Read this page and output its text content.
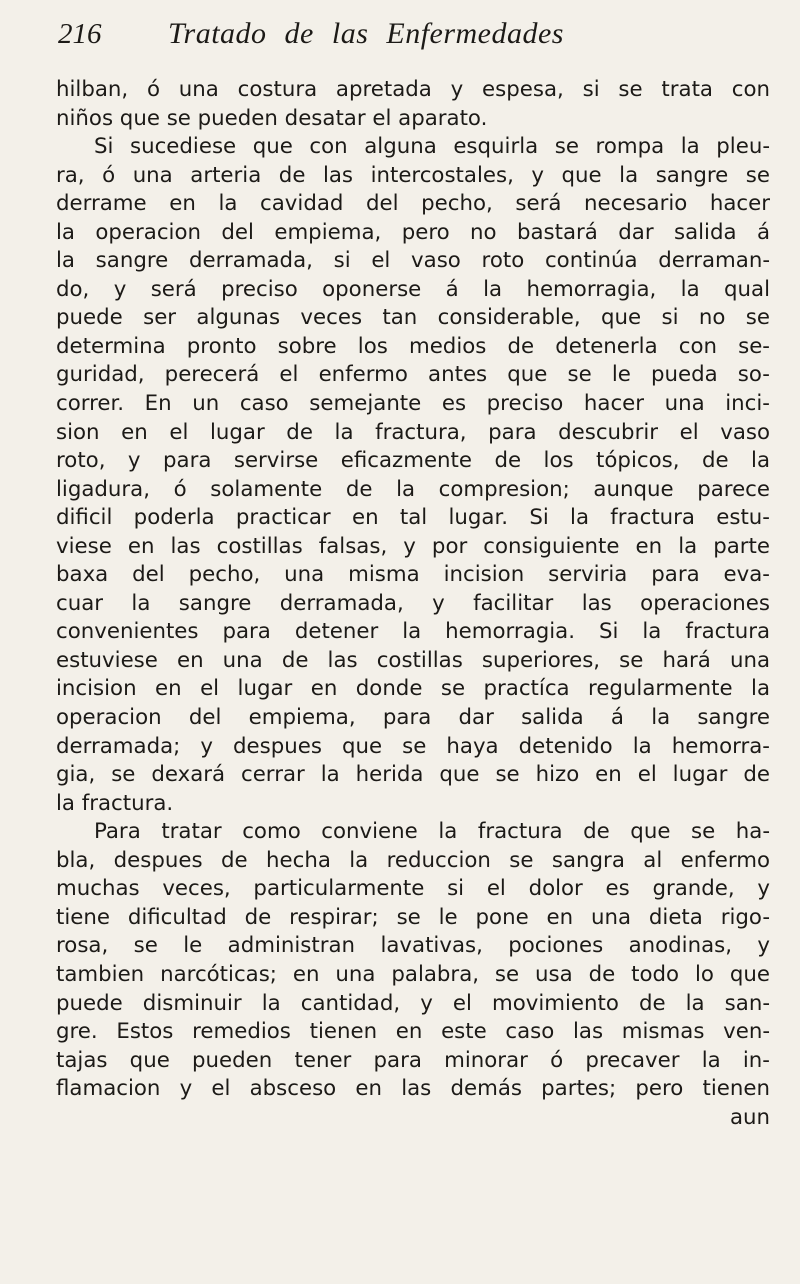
216 Tratado de las Enfermedades
hilban, ó una costura apretada y espesa, si se trata con
niños que se pueden desatar el aparato.
Si sucediese que con alguna esquirla se rompa la pleu-
ra, ó una arteria de las intercostales, y que la sangre se
derrame en la cavidad del pecho, será necesario hacer
la operacion del empiema, pero no bastará dar salida á
la sangre derramada, si el vaso roto continúa derraman-
do, y será preciso oponerse á la hemorragia, la qual
puede ser algunas veces tan considerable, que si no se
determina pronto sobre los medios de detenerla con se-
guridad, perecerá el enfermo antes que se le pueda so-
correr. En un caso semejante es preciso hacer una inci-
sion en el lugar de la fractura, para descubrir el vaso
roto, y para servirse eficazmente de los tópicos, de la
ligadura, ó solamente de la compresion; aunque parece
dificil poderla practicar en tal lugar. Si la fractura estu-
viese en las costillas falsas, y por consiguiente en la parte
baxa del pecho, una misma incision serviria para eva-
cuar la sangre derramada, y facilitar las operaciones
convenientes para detener la hemorragia. Si la fractura
estuviese en una de las costillas superiores, se hará una
incision en el lugar en donde se practíca regularmente la
operacion del empiema, para dar salida á la sangre
derramada; y despues que se haya detenido la hemorra-
gia, se dexará cerrar la herida que se hizo en el lugar de
la fractura.
Para tratar como conviene la fractura de que se ha-
bla, despues de hecha la reduccion se sangra al enfermo
muchas veces, particularmente si el dolor es grande, y
tiene dificultad de respirar; se le pone en una dieta rigo-
rosa, se le administran lavativas, pociones anodinas, y
tambien narcóticas; en una palabra, se usa de todo lo que
puede disminuir la cantidad, y el movimiento de la san-
gre. Estos remedios tienen en este caso las mismas ven-
tajas que pueden tener para minorar ó precaver la in-
flamacion y el absceso en las demás partes; pero tienen
aun
